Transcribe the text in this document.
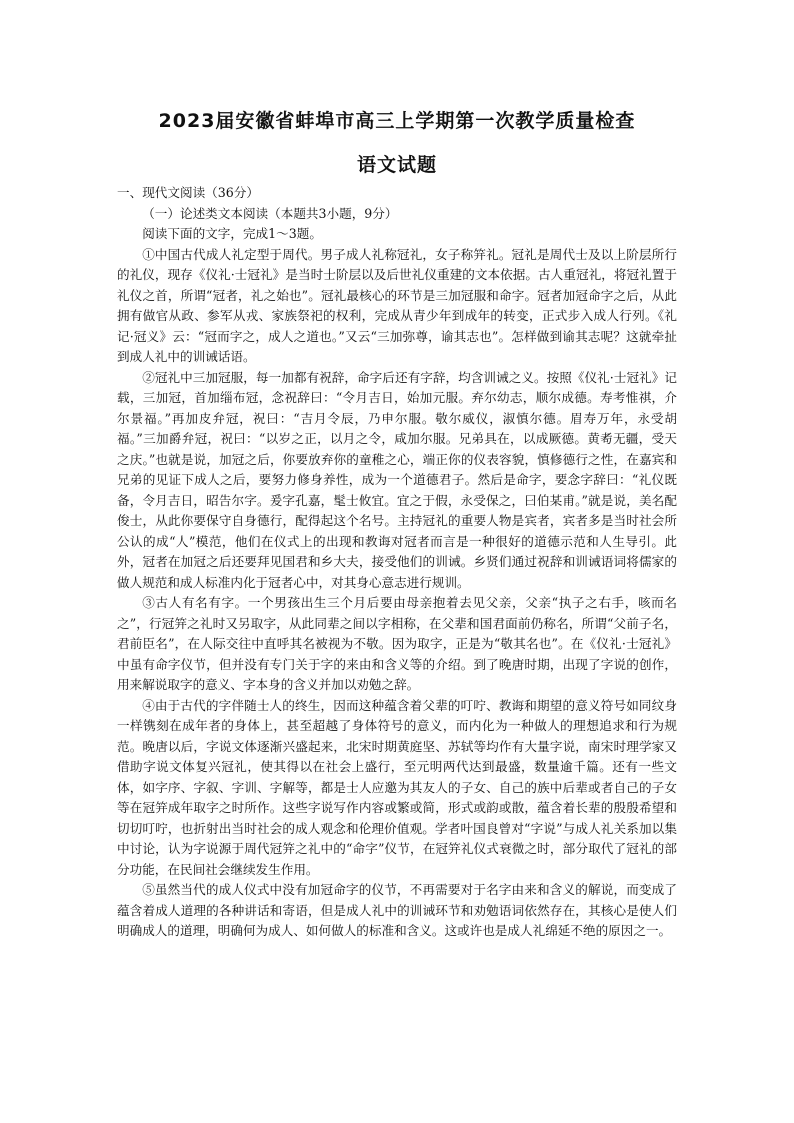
2023届安徽省蚌埠市高三上学期第一次教学质量检查
语文试题

一、现代文阅读（36分）

（一）论述类文本阅读（本题共3小题，9分）

阅读下面的文字，完成1～3题。

①中国古代成人礼定型于周代。男子成人礼称冠礼，女子称笄礼。冠礼是周代士及以上阶层所行的礼仪，现存《仪礼·士冠礼》是当时士阶层以及后世礼仪重建的文本依据。古人重冠礼，将冠礼置于礼仪之首，所谓“冠者，礼之始也”。冠礼最核心的环节是三加冠服和命字。冠者加冠命字之后，从此拥有做官从政、参军从戎、家族祭祀的权利，完成从青少年到成年的转变，正式步入成人行列。《礼记·冠义》云：“冠而字之，成人之道也。”又云“三加弥尊，谕其志也”。怎样做到谕其志呢？这就牵扯到成人礼中的训诫话语。

②冠礼中三加冠服，每一加都有祝辞，命字后还有字辞，均含训诫之义。按照《仪礼·士冠礼》记载，三加冠，首加缁布冠，念祝辞曰：“令月吉日，始加元服。弃尔幼志，顺尔成德。寿考惟祺，介尔景福。”再加皮弁冠，祝曰：“吉月令辰，乃申尔服。敬尔威仪，淑慎尔德。眉寿万年，永受胡福。”三加爵弁冠，祝曰：“以岁之正，以月之令，咸加尔服。兄弟具在，以成厥德。黄耇无疆，受天之庆。”也就是说，加冠之后，你要放弃你的童稚之心，端正你的仪表容貌，慎修德行之性，在嘉宾和兄弟的见证下成人之后，要努力修身养性，成为一个道德君子。然后是命字，要念字辞曰：“礼仪既备，令月吉日，昭告尔字。爰字孔嘉，髦士攸宜。宜之于假，永受保之，曰伯某甫。”就是说，美名配俊士，从此你要保守自身德行，配得起这个名号。主持冠礼的重要人物是宾者，宾者多是当时社会所公认的成“人”模范，他们在仪式上的出现和教诲对冠者而言是一种很好的道德示范和人生导引。此外，冠者在加冠之后还要拜见国君和乡大夫，接受他们的训诫。乡贤们通过祝辞和训诫语词将儒家的做人规范和成人标准内化于冠者心中，对其身心意志进行规训。

③古人有名有字。一个男孩出生三个月后要由母亲抱着去见父亲，父亲“执子之右手，咳而名之”，行冠笄之礼时又另取字，从此同辈之间以字相称，在父辈和国君面前仍称名，所谓“父前子名，君前臣名”，在人际交往中直呼其名被视为不敬。因为取字，正是为“敬其名也”。在《仪礼·士冠礼》中虽有命字仪节，但并没有专门关于字的来由和含义等的介绍。到了晚唐时期，出现了字说的创作，用来解说取字的意义、字本身的含义并加以劝勉之辞。

④由于古代的字伴随士人的终生，因而这种蕴含着父辈的叮咛、教诲和期望的意义符号如同纹身一样镌刻在成年者的身体上，甚至超越了身体符号的意义，而内化为一种做人的理想追求和行为规范。晚唐以后，字说文体逐渐兴盛起来，北宋时期黄庭坚、苏轼等均作有大量字说，南宋时理学家又借助字说文体复兴冠礼，使其得以在社会上盛行，至元明两代达到最盛，数量逾千篇。还有一些文体，如字序、字叙、字训、字解等，都是士人应邀为其友人的子女、自己的族中后辈或者自己的子女等在冠笄成年取字之时所作。这些字说写作内容或繁或简，形式或韵或散，蕴含着长辈的殷殷希望和切切叮咛，也折射出当时社会的成人观念和伦理价值观。学者叶国良曾对“字说”与成人礼关系加以集中讨论，认为字说源于周代冠笄之礼中的“命字”仪节，在冠笄礼仪式衰微之时，部分取代了冠礼的部分功能，在民间社会继续发生作用。

⑤虽然当代的成人仪式中没有加冠命字的仪节，不再需要对于名字由来和含义的解说，而变成了蕴含着成人道理的各种讲话和寄语，但是成人礼中的训诫环节和劝勉语词依然存在，其核心是使人们明确成人的道理，明确何为成人、如何做人的标准和含义。这或许也是成人礼绵延不绝的原因之一。
